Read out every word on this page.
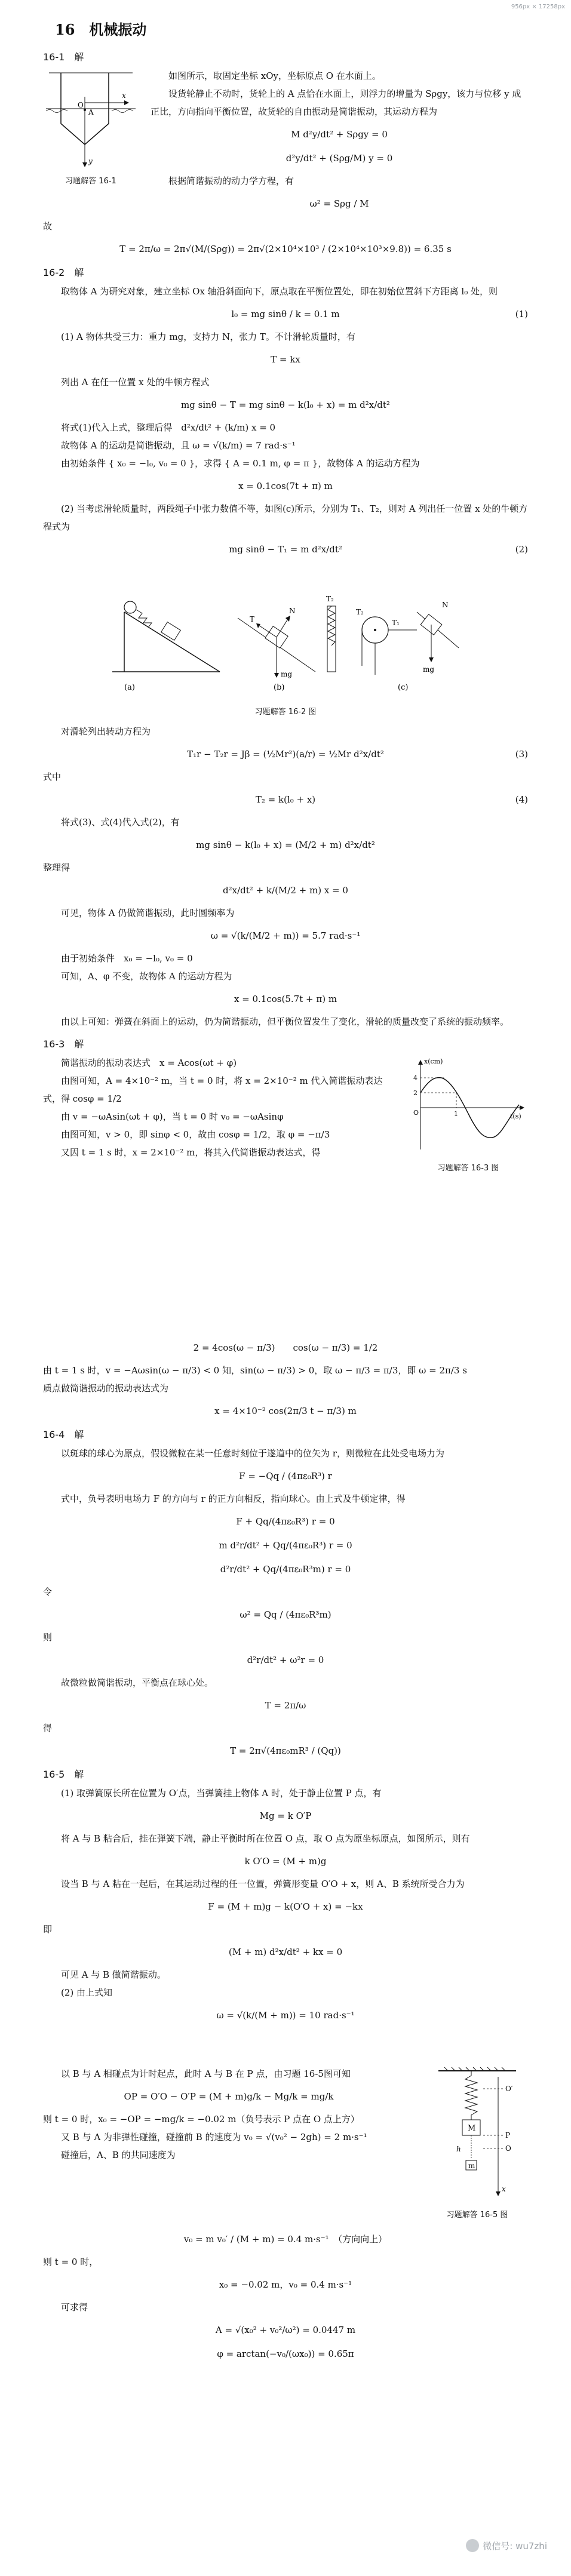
956px × 17258px
16　机械振动
16-1　解
O
A
x
y
习题解答 16-1

如图所示，取固定坐标 xOy，坐标原点 O 在水面上。

设货轮静止不动时，货轮上的 A 点恰在水面上，则浮力的增量为 Sρgy，该力与位移 y 成正比，方向指向平衡位置，故货轮的自由振动是简谐振动，其运动方程为

M d²y/dt² + Sρgy = 0
d²y/dt² + (Sρg/M) y = 0

根据简谐振动的动力学方程，有

ω² = Sρg / M

故

T = 2π/ω = 2π√(M/(Sρg)) = 2π√(2×10⁴×10³ / (2×10⁴×10³×9.8)) = 6.35 s
16-2　解

取物体 A 为研究对象，建立坐标 Ox 轴沿斜面向下，原点取在平衡位置处，即在初始位置斜下方距离 l₀ 处，则

l₀ = mg sinθ / k = 0.1 m	(1)

(1) A 物体共受三力：重力 mg，支持力 N，张力 T。不计滑轮质量时，有

T = kx

列出 A 在任一位置 x 处的牛顿方程式

mg sinθ − T = mg sinθ − k(l₀ + x) = m d²x/dt²

将式(1)代入上式，整理后得　d²x/dt² + (k/m) x = 0

故物体 A 的运动是简谐振动，且 ω = √(k/m) = 7 rad·s⁻¹

由初始条件 { x₀ = −l₀, v₀ = 0 }，求得 { A = 0.1 m, φ = π }，故物体 A 的运动方程为

x = 0.1cos(7t + π) m

(2) 当考虑滑轮质量时，两段绳子中张力数值不等，如图(c)所示，分别为 T₁、T₂，则对 A 列出任一位置 x 处的牛顿方程式为

mg sinθ − T₁ = m d²x/dt²	(2)
(a)
T
N
mg
(b)
T₂
T₂
T₁
mg
N
(c)
习题解答 16-2 图

对滑轮列出转动方程为

T₁r − T₂r = Jβ = (½Mr²)(a/r) = ½Mr d²x/dt²	(3)

式中

T₂ = k(l₀ + x)	(4)

将式(3)、式(4)代入式(2)，有

mg sinθ − k(l₀ + x) = (M/2 + m) d²x/dt²

整理得

d²x/dt² + k/(M/2 + m) x = 0

可见，物体 A 仍做简谐振动，此时圆频率为

ω = √(k/(M/2 + m)) = 5.7 rad·s⁻¹

由于初始条件　x₀ = −l₀, v₀ = 0

可知，A、φ 不变，故物体 A 的运动方程为

x = 0.1cos(5.7t + π) m

由以上可知：弹簧在斜面上的运动，仍为简谐振动，但平衡位置发生了变化，滑轮的质量改变了系统的振动频率。

16-3　解

简谐振动的振动表达式　x = Acos(ωt + φ)

由图可知，A = 4×10⁻² m，当 t = 0 时，将 x = 2×10⁻² m 代入简谐振动表达式，得 cosφ = 1/2

由 v = −ωAsin(ωt + φ)，当 t = 0 时 v₀ = −ωAsinφ

由图可知，v > 0，即 sinφ < 0，故由 cosφ = 1/2，取 φ = −π/3

又因 t = 1 s 时，x = 2×10⁻² m，将其入代简谐振动表达式，得

x(cm)
t(s)
4
2
O	1
习题解答 16-3 图
2 = 4cos(ω − π/3)　　cos(ω − π/3) = 1/2

由 t = 1 s 时，v = −Aωsin(ω − π/3) < 0 知，sin(ω − π/3) > 0，取 ω − π/3 = π/3，即 ω = 2π/3 s

质点做简谐振动的振动表达式为

x = 4×10⁻² cos(2π/3 t − π/3) m
16-4　解

以斑球的球心为原点，假设微粒在某一任意时刻位于遂道中的位矢为 r，则微粒在此处受电场力为

F = −Qq / (4πε₀R³) r

式中，负号表明电场力 F 的方向与 r 的正方向相反，指向球心。由上式及牛顿定律，得

F + Qq/(4πε₀R³) r = 0
m d²r/dt² + Qq/(4πε₀R³) r = 0
d²r/dt² + Qq/(4πε₀R³m) r = 0

令

ω² = Qq / (4πε₀R³m)

则

d²r/dt² + ω²r = 0

故微粒做简谐振动，平衡点在球心处。

T = 2π/ω

得

T = 2π√(4πε₀mR³ / (Qq))
16-5　解

(1) 取弹簧原长所在位置为 O′点，当弹簧挂上物体 A 时，处于静止位置 P 点，有

Mg = k O′P

将 A 与 B 粘合后，挂在弹簧下端，静止平衡时所在位置 O 点，取 O 点为原坐标原点，如图所示，则有

k O′O = (M + m)g

设当 B 与 A 粘在一起后，在其运动过程的任一位置，弹簧形变量 O′O + x，则 A、B 系统所受合力为

F = (M + m)g − k(O′O + x) = −kx

即

(M + m) d²x/dt² + kx = 0

可见 A 与 B 做简谐振动。

(2) 由上式知

ω = √(k/(M + m)) = 10 rad·s⁻¹

以 B 与 A 相碰点为计时起点，此时 A 与 B 在 P 点，由习题 16-5图可知

OP = O′O − O′P = (M + m)g/k − Mg/k = mg/k

则 t = 0 时，x₀ = −OP = −mg/k = −0.02 m（负号表示 P 点在 O 点上方）

又 B 与 A 为非弹性碰撞，碰撞前 B 的速度为 v₀ = √(v₀² − 2gh) = 2 m·s⁻¹

碰撞后，A、B 的共同速度为

M
O′
P
O
x
m
h
习题解答 16-5 图
v₀ = m v₀′ / (M + m) = 0.4 m·s⁻¹　（方向向上）

则 t = 0 时，

x₀ = −0.02 m，v₀ = 0.4 m·s⁻¹

可求得

A = √(x₀² + v₀²/ω²) = 0.0447 m
φ = arctan(−v₀/(ωx₀)) = 0.65π
微信号: wu7zhi
